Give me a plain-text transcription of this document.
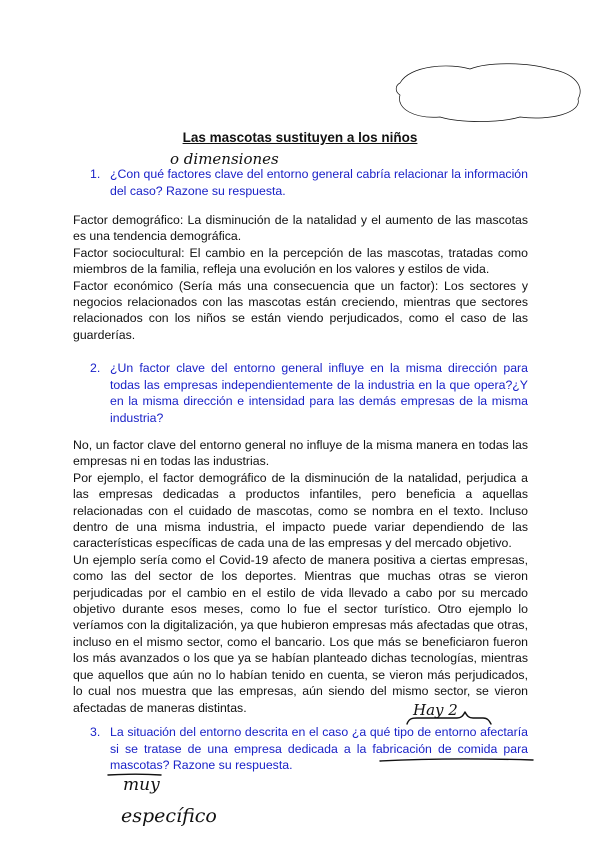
Las mascotas sustituyen a los niños
o dimensiones
1. ¿Con qué factores clave del entorno general cabría relacionar la información del caso? Razone su respuesta.

Factor demográfico: La disminución de la natalidad y el aumento de las mascotas es una tendencia demográfica.

Factor sociocultural: El cambio en la percepción de las mascotas, tratadas como miembros de la familia, refleja una evolución en los valores y estilos de vida.

Factor económico (Sería más una consecuencia que un factor): Los sectores y negocios relacionados con las mascotas están creciendo, mientras que sectores relacionados con los niños se están viendo perjudicados, como el caso de las guarderías.

2. ¿Un factor clave del entorno general influye en la misma dirección para todas las empresas independientemente de la industria en la que opera?¿Y en la misma dirección e intensidad para las demás empresas de la misma industria?

No, un factor clave del entorno general no influye de la misma manera en todas las empresas ni en todas las industrias.

Por ejemplo, el factor demográfico de la disminución de la natalidad, perjudica a las empresas dedicadas a productos infantiles, pero beneficia a aquellas relacionadas con el cuidado de mascotas, como se nombra en el texto. Incluso dentro de una misma industria, el impacto puede variar dependiendo de las características específicas de cada una de las empresas y del mercado objetivo.

Un ejemplo sería como el Covid-19 afecto de manera positiva a ciertas empresas, como las del sector de los deportes. Mientras que muchas otras se vieron perjudicadas por el cambio en el estilo de vida llevado a cabo por su mercado objetivo durante esos meses, como lo fue el sector turístico. Otro ejemplo lo veríamos con la digitalización, ya que hubieron empresas más afectadas que otras, incluso en el mismo sector, como el bancario. Los que más se beneficiaron fueron los más avanzados o los que ya se habían planteado dichas tecnologías, mientras que aquellos que aún no lo habían tenido en cuenta, se vieron más perjudicados, lo cual nos muestra que las empresas, aún siendo del mismo sector, se vieron afectadas de maneras distintas.	Hay 2
3. La situación del entorno descrita en el caso ¿a qué tipo de entorno afectaría si se tratase de una empresa dedicada a la fabricación de comida para mascotas? Razone su respuesta.
muy
específico
